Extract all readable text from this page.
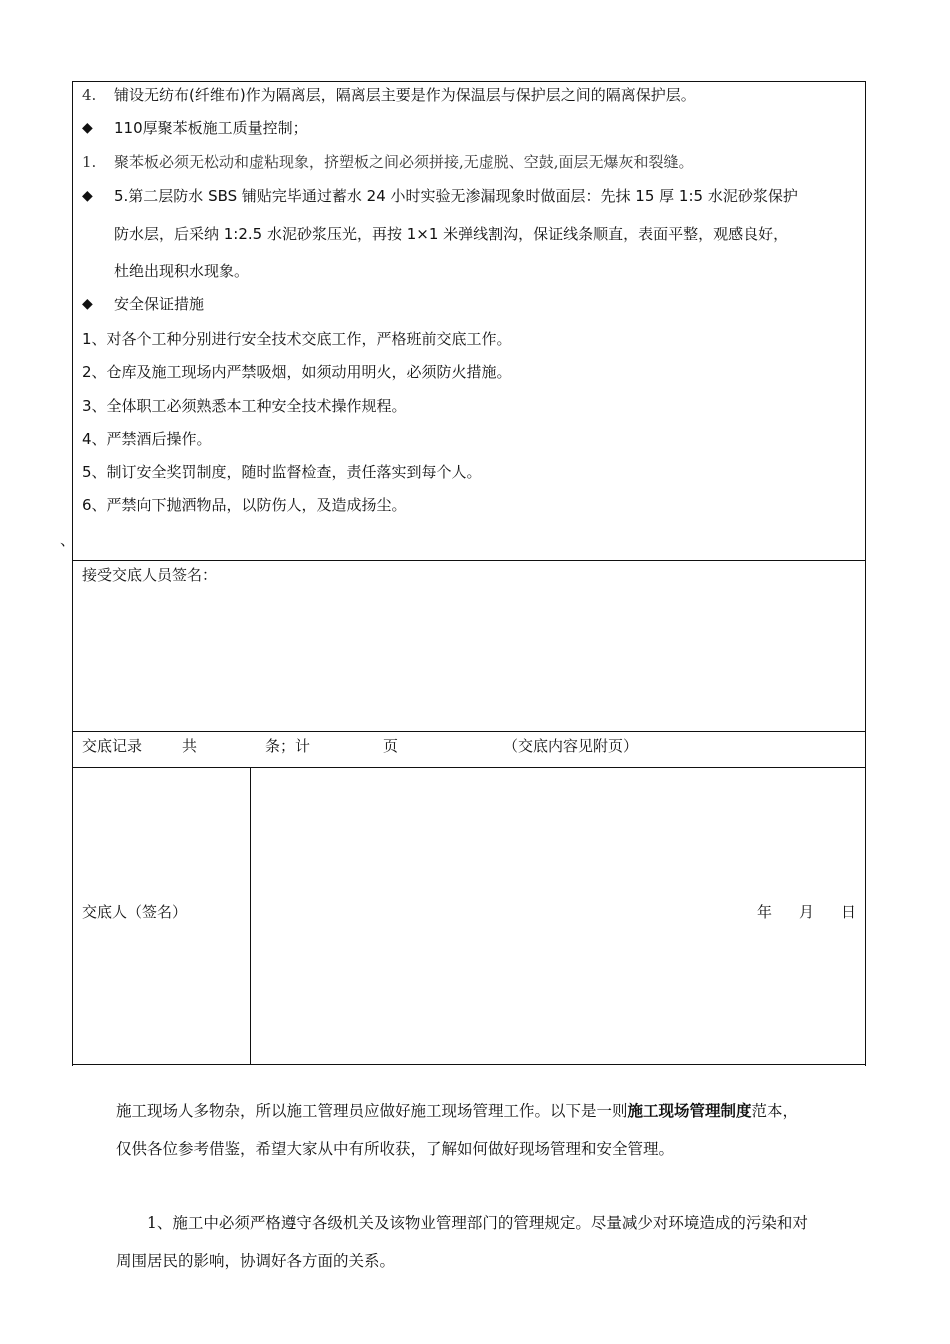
4. 铺设无纺布(纤维布)作为隔离层，隔离层主要是作为保温层与保护层之间的隔离保护层。
◆ 110厚聚苯板施工质量控制；
1. 聚苯板必须无松动和虚粘现象，挤塑板之间必须拼接,无虚脱、空鼓,面层无爆灰和裂缝。
◆ 5.第二层防水 SBS 铺贴完毕通过蓄水 24 小时实验无渗漏现象时做面层：先抹 15 厚 1:5 水泥砂浆保护
防水层，后采纳 1:2.5 水泥砂浆压光，再按 1×1 米弹线割沟，保证线条顺直，表面平整，观感良好，
杜绝出现积水现象。
◆ 安全保证措施
1、对各个工种分别进行安全技术交底工作，严格班前交底工作。
2、仓库及施工现场内严禁吸烟，如须动用明火，必须防火措施。
3、全体职工必须熟悉本工种安全技术操作规程。
4、严禁酒后操作。
5、制订安全奖罚制度，随时监督检查，责任落实到每个人。
6、严禁向下抛洒物品，以防伤人，及造成扬尘。
、
接受交底人员签名：
交底记录	共	条；计	页	（交底内容见附页）
交底人（签名）	年 月 日
施工现场人多物杂，所以施工管理员应做好施工现场管理工作。以下是一则施工现场管理制度范本，
仅供各位参考借鉴，希望大家从中有所收获，了解如何做好现场管理和安全管理。
1、施工中必须严格遵守各级机关及该物业管理部门的管理规定。尽量减少对环境造成的污染和对
周围居民的影响，协调好各方面的关系。
